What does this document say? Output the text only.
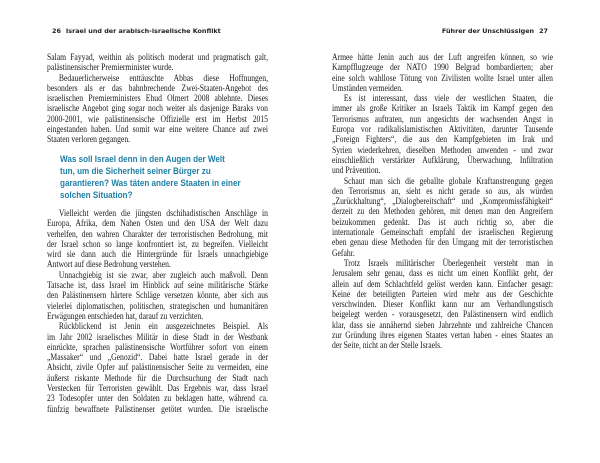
26 Israel und der arabisch-israelische Konflikt
Salam Fayyad, weithin als politisch moderat und pragmatisch galt,
palästinensischer Premierminister wurde.
Bedauerlicherweise enttäuschte Abbas diese Hoffnungen,
besonders als er das bahnbrechende Zwei-Staaten-Angebot des
israelischen Premierministers Ehud Olmert 2008 ablehnte. Dieses
israelische Angebot ging sogar noch weiter als dasjenige Baraks von
2000-2001, wie palästinensische Offizielle erst im Herbst 2015
eingestanden haben. Und somit war eine weitere Chance auf zwei
Staaten verloren gegangen.
Was soll Israel denn in den Augen der Welt
tun, um die Sicherheit seiner Bürger zu
garantieren? Was täten andere Staaten in einer
solchen Situation?
Vielleicht werden die jüngsten dschihadistischen Anschläge in
Europa, Afrika, dem Nahen Osten und den USA der Welt dazu
verhelfen, den wahren Charakter der terroristischen Bedrohung, mit
der Israel schon so lange konfrontiert ist, zu begreifen. Vielleicht
wird sie dann auch die Hintergründe für Israels unnachgiebige
Antwort auf diese Bedrohung verstehen.
Unnachgiebig ist sie zwar, aber zugleich auch maßvoll. Denn
Tatsache ist, dass Israel im Hinblick auf seine militärische Stärke
den Palästinensern härtere Schläge versetzen könnte, aber sich aus
vielerlei diplomatischen, politischen, strategischen und humanitären
Erwägungen entschieden hat, darauf zu verzichten.
Rückblickend ist Jenin ein ausgezeichnetes Beispiel. Als
im Jahr 2002 israelisches Militär in diese Stadt in der Westbank
einrückte, sprachen palästinensische Wortführer sofort von einem
„Massaker“ und „Genozid“. Dabei hatte Israel gerade in der
Absicht, zivile Opfer auf palästinensischer Seite zu vermeiden, eine
äußerst riskante Methode für die Durchsuchung der Stadt nach
Verstecken für Terroristen gewählt. Das Ergebnis war, dass Israel
23 Todesopfer unter den Soldaten zu beklagen hatte, während ca.
fünfzig bewaffnete Palästinenser getötet wurden. Die israelische
Führer der Unschlüssigen 27
Armee hätte Jenin auch aus der Luft angreifen können, so wie
Kampfflugzeuge der NATO 1990 Belgrad bombardierten; aber
eine solch wahllose Tötung von Zivilisten wollte Israel unter allen
Umständen vermeiden.
Es ist interessant, dass viele der westlichen Staaten, die
immer als große Kritiker an Israels Taktik im Kampf gegen den
Terrorismus auftraten, nun angesichts der wachsenden Angst in
Europa vor radikalislamistischen Aktivitäten, darunter Tausende
„Foreign Fighters“, die aus den Kampfgebieten im Irak und
Syrien wiederkehren, dieselben Methoden anwenden - und zwar
einschließlich verstärkter Aufklärung, Überwachung, Infiltration
und Prävention.
Schaut man sich die geballte globale Kraftanstrengung gegen
den Terrorismus an, sieht es nicht gerade so aus, als würden
„Zurückhaltung“, „Dialogbereitschaft“ und „Kompromissfähigkeit“
derzeit zu den Methoden gehören, mit denen man den Angreifern
beizukommen gedenkt. Das ist auch richtig so, aber die
internationale Gemeinschaft empfahl der israelischen Regierung
eben genau diese Methoden für den Umgang mit der terroristischen
Gefahr.
Trotz Israels militärischer Überlegenheit versteht man in
Jerusalem sehr genau, dass es nicht um einen Konflikt geht, der
allein auf dem Schlachtfeld gelöst werden kann. Einfacher gesagt:
Keine der beteiligten Parteien wird mehr aus der Geschichte
verschwinden. Dieser Konflikt kann nur am Verhandlungstisch
beigelegt werden - vorausgesetzt, den Palästinensern wird endlich
klar, dass sie annähernd sieben Jahrzehnte und zahlreiche Chancen
zur Gründung ihres eigenen Staates vertan haben - eines Staates an
der Seite, nicht an der Stelle Israels.
